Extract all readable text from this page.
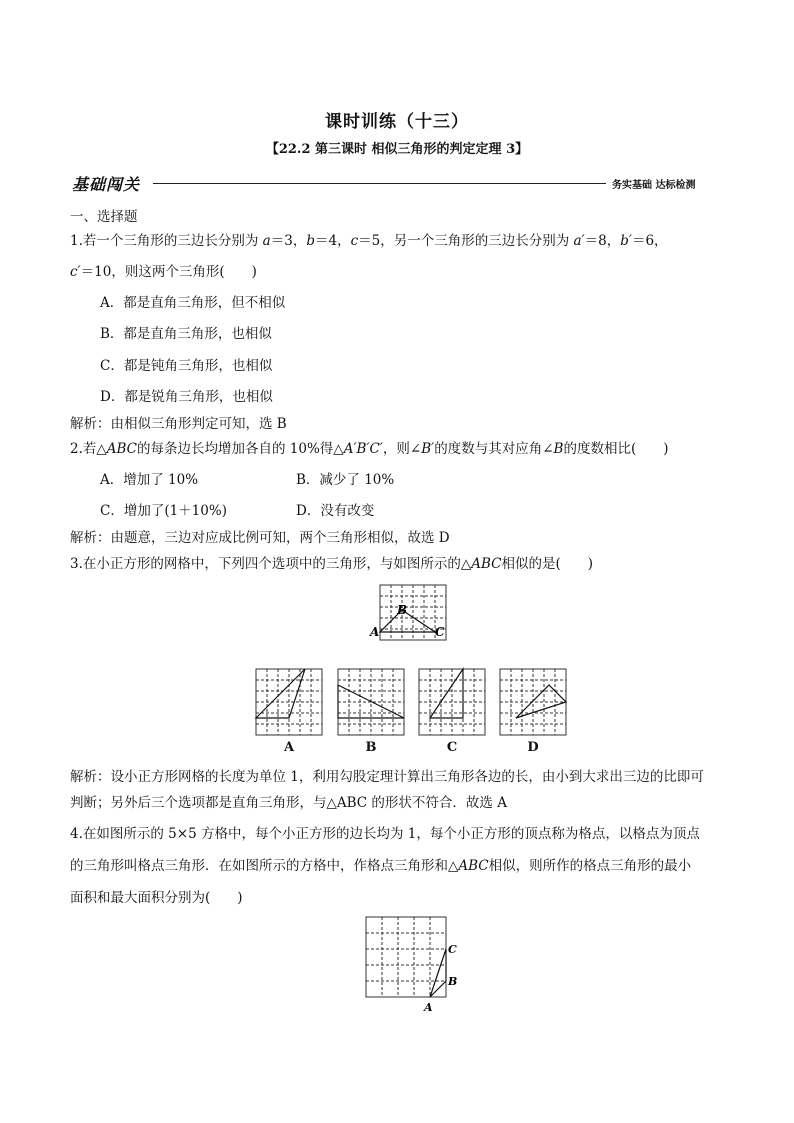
课时训练（十三）
【22.2 第三课时 相似三角形的判定定理 3】
基础闯关	务实基础 达标检测
一、选择题
1.若一个三角形的三边长分别为 a＝3，b＝4，c＝5，另一个三角形的三边长分别为 a′＝8，b′＝6，
c′＝10，则这两个三角形(　　)
A．都是直角三角形，但不相似
B．都是直角三角形，也相似
C．都是钝角三角形，也相似
D．都是锐角三角形，也相似
解析：由相似三角形判定可知，选 B
2.若△ABC的每条边长均增加各自的 10%得△A′B′C′，则∠B′的度数与其对应角∠B的度数相比(　　)
A．增加了 10%	B．减少了 10%
C．增加了(1＋10%)	D．没有改变
解析：由题意，三边对应成比例可知，两个三角形相似，故选 D
3.在小正方形的网格中，下列四个选项中的三角形，与如图所示的△ABC相似的是(　　)
A
B
C
A	B	C	D
解析：设小正方形网格的长度为单位 1，利用勾股定理计算出三角形各边的长，由小到大求出三边的比即可
判断；另外后三个选项都是直角三角形，与△ABC 的形状不符合．故选 A
4.在如图所示的 5×5 方格中，每个小正方形的边长均为 1，每个小正方形的顶点称为格点，以格点为顶点
的三角形叫格点三角形．在如图所示的方格中，作格点三角形和△ABC相似，则所作的格点三角形的最小
面积和最大面积分别为(　　)
A
B
C
